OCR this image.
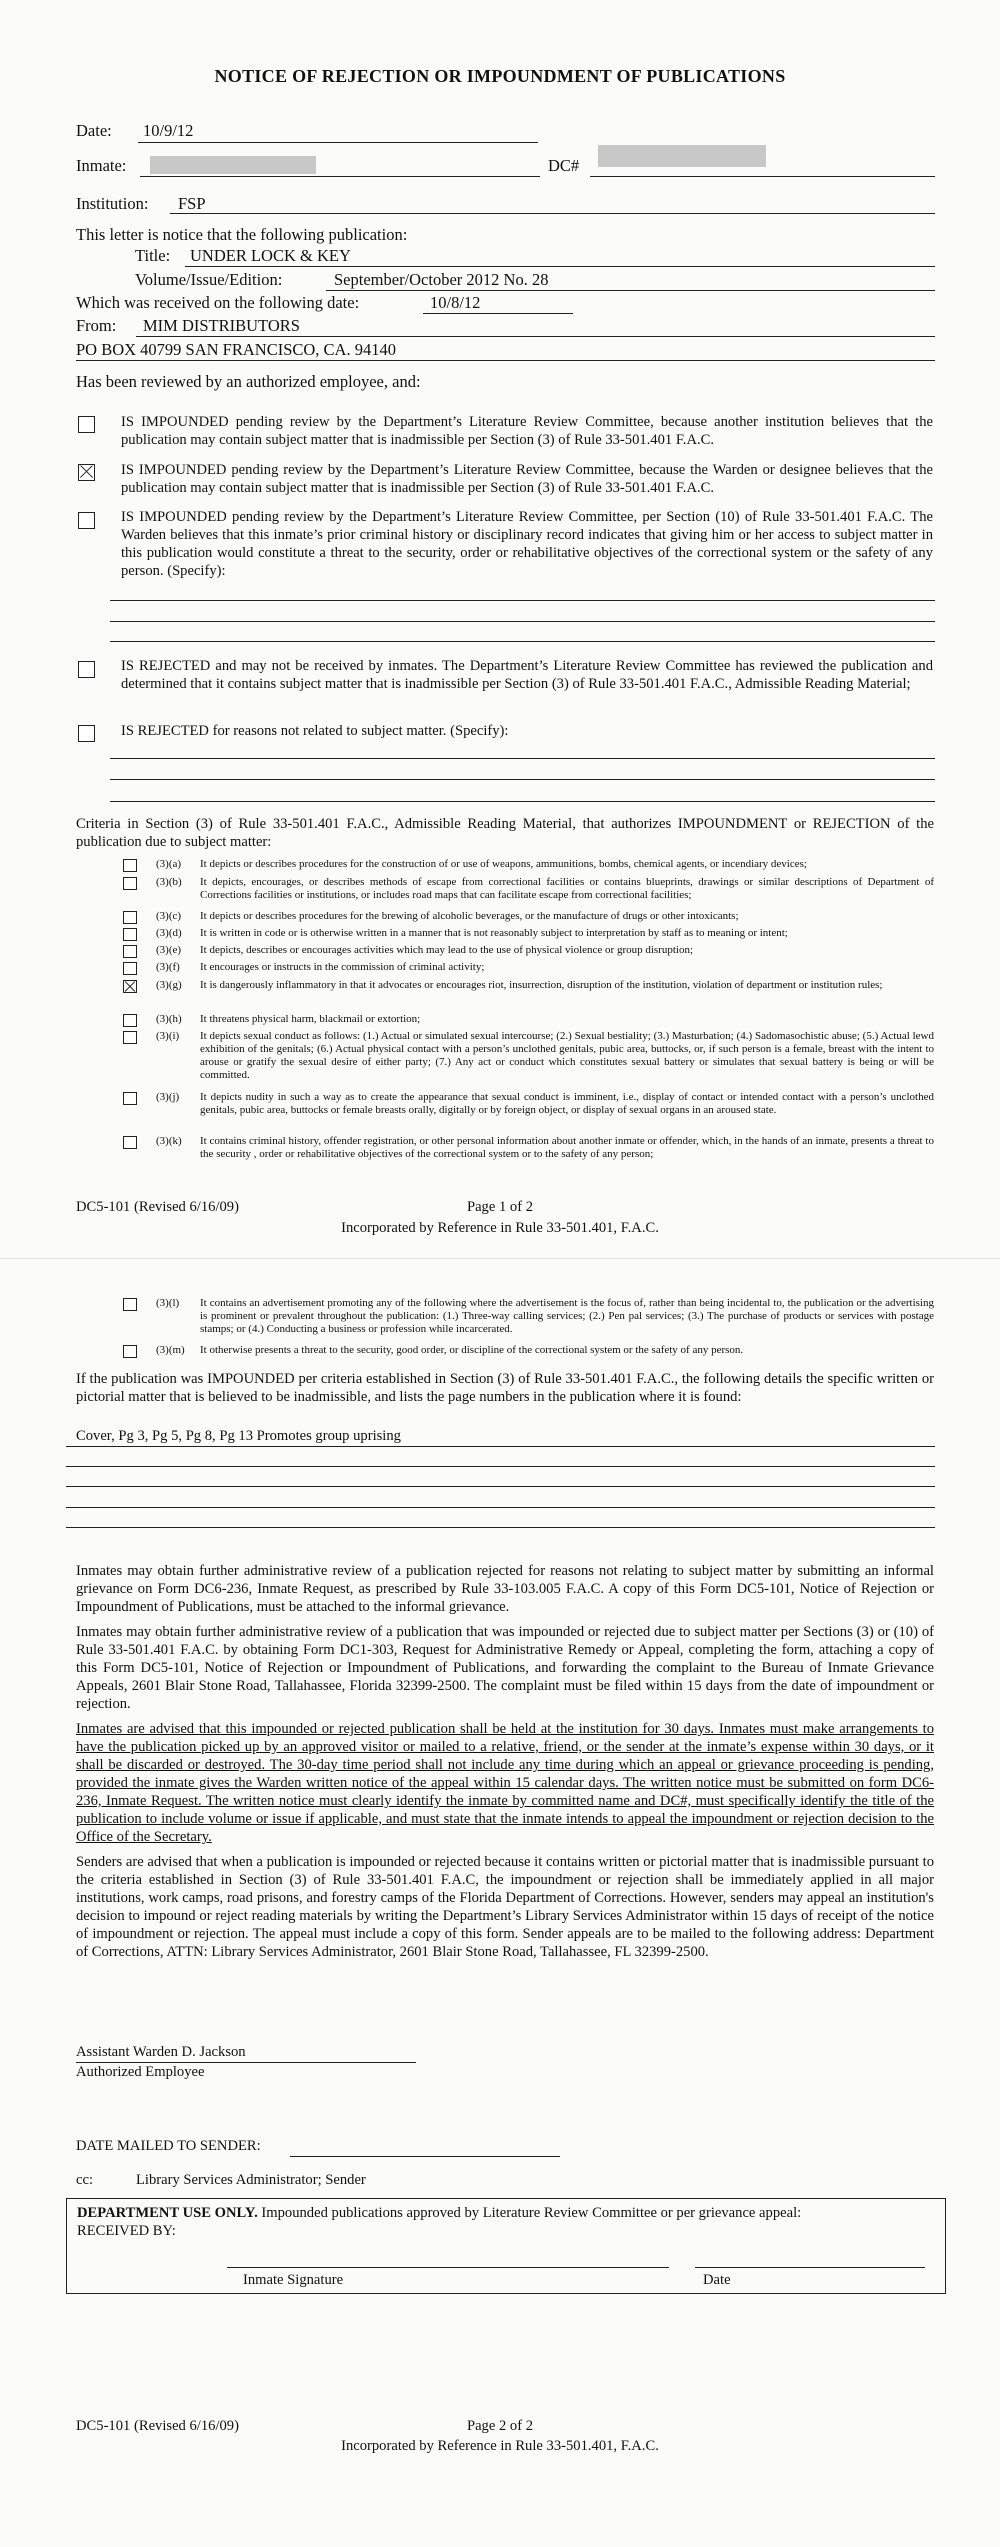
NOTICE OF REJECTION OR IMPOUNDMENT OF PUBLICATIONS
Date: 10/9/12
Inmate:	DC#
Institution: FSP
This letter is notice that the following publication:
Title: UNDER LOCK & KEY
Volume/Issue/Edition:	September/October 2012 No. 28
Which was received on the following date:	10/8/12
From: MIM DISTRIBUTORS
PO BOX 40799 SAN FRANCISCO, CA. 94140
Has been reviewed by an authorized employee, and:
IS IMPOUNDED pending review by the Department’s Literature Review Committee, because another institution believes that the publication may contain subject matter that is inadmissible per Section (3) of Rule 33-501.401 F.A.C.
IS IMPOUNDED pending review by the Department’s Literature Review Committee, because the Warden or designee believes that the publication may contain subject matter that is inadmissible per Section (3) of Rule 33-501.401 F.A.C.
IS IMPOUNDED pending review by the Department’s Literature Review Committee, per Section (10) of Rule 33-501.401 F.A.C. The Warden believes that this inmate’s prior criminal history or disciplinary record indicates that giving him or her access to subject matter in this publication would constitute a threat to the security, order or rehabilitative objectives of the correctional system or the safety of any person. (Specify):
IS REJECTED and may not be received by inmates. The Department’s Literature Review Committee has reviewed the publication and determined that it contains subject matter that is inadmissible per Section (3) of Rule 33-501.401 F.A.C., Admissible Reading Material;
IS REJECTED for reasons not related to subject matter. (Specify):
Criteria in Section (3) of Rule 33-501.401 F.A.C., Admissible Reading Material, that authorizes IMPOUNDMENT or REJECTION of the publication due to subject matter:
(3)(a) It depicts or describes procedures for the construction of or use of weapons, ammunitions, bombs, chemical agents, or incendiary devices;
(3)(b) It depicts, encourages, or describes methods of escape from correctional facilities or contains blueprints, drawings or similar descriptions of Department of Corrections facilities or institutions, or includes road maps that can facilitate escape from correctional facilities;
(3)(c) It depicts or describes procedures for the brewing of alcoholic beverages, or the manufacture of drugs or other intoxicants;
(3)(d) It is written in code or is otherwise written in a manner that is not reasonably subject to interpretation by staff as to meaning or intent;
(3)(e) It depicts, describes or encourages activities which may lead to the use of physical violence or group disruption;
(3)(f) It encourages or instructs in the commission of criminal activity;
(3)(g) It is dangerously inflammatory in that it advocates or encourages riot, insurrection, disruption of the institution, violation of department or institution rules;
(3)(h) It threatens physical harm, blackmail or extortion;
(3)(i) It depicts sexual conduct as follows: (1.) Actual or simulated sexual intercourse; (2.) Sexual bestiality; (3.) Masturbation; (4.) Sadomasochistic abuse; (5.) Actual lewd exhibition of the genitals; (6.) Actual physical contact with a person’s unclothed genitals, pubic area, buttocks, or, if such person is a female, breast with the intent to arouse or gratify the sexual desire of either party; (7.) Any act or conduct which constitutes sexual battery or simulates that sexual battery is being or will be committed.
(3)(j) It depicts nudity in such a way as to create the appearance that sexual conduct is imminent, i.e., display of contact or intended contact with a person’s unclothed genitals, pubic area, buttocks or female breasts orally, digitally or by foreign object, or display of sexual organs in an aroused state.
(3)(k) It contains criminal history, offender registration, or other personal information about another inmate or offender, which, in the hands of an inmate, presents a threat to the security , order or rehabilitative objectives of the correctional system or to the safety of any person;
DC5-101 (Revised 6/16/09)	Page 1 of 2
Incorporated by Reference in Rule 33-501.401, F.A.C.
(3)(l) It contains an advertisement promoting any of the following where the advertisement is the focus of, rather than being incidental to, the publication or the advertising is prominent or prevalent throughout the publication: (1.) Three-way calling services; (2.) Pen pal services; (3.) The purchase of products or services with postage stamps; or (4.) Conducting a business or profession while incarcerated.
(3)(m) It otherwise presents a threat to the security, good order, or discipline of the correctional system or the safety of any person.
If the publication was IMPOUNDED per criteria established in Section (3) of Rule 33-501.401 F.A.C., the following details the specific written or pictorial matter that is believed to be inadmissible, and lists the page numbers in the publication where it is found:
Cover, Pg 3, Pg 5, Pg 8, Pg 13 Promotes group uprising
Inmates may obtain further administrative review of a publication rejected for reasons not relating to subject matter by submitting an informal grievance on Form DC6-236, Inmate Request, as prescribed by Rule 33-103.005 F.A.C. A copy of this Form DC5-101, Notice of Rejection or Impoundment of Publications, must be attached to the informal grievance.
Inmates may obtain further administrative review of a publication that was impounded or rejected due to subject matter per Sections (3) or (10) of Rule 33-501.401 F.A.C. by obtaining Form DC1-303, Request for Administrative Remedy or Appeal, completing the form, attaching a copy of this Form DC5-101, Notice of Rejection or Impoundment of Publications, and forwarding the complaint to the Bureau of Inmate Grievance Appeals, 2601 Blair Stone Road, Tallahassee, Florida 32399-2500. The complaint must be filed within 15 days from the date of impoundment or rejection.
Inmates are advised that this impounded or rejected publication shall be held at the institution for 30 days. Inmates must make arrangements to have the publication picked up by an approved visitor or mailed to a relative, friend, or the sender at the inmate’s expense within 30 days, or it shall be discarded or destroyed. The 30-day time period shall not include any time during which an appeal or grievance proceeding is pending, provided the inmate gives the Warden written notice of the appeal within 15 calendar days. The written notice must be submitted on form DC6-236, Inmate Request. The written notice must clearly identify the inmate by committed name and DC#, must specifically identify the title of the publication to include volume or issue if applicable, and must state that the inmate intends to appeal the impoundment or rejection decision to the Office of the Secretary.
Senders are advised that when a publication is impounded or rejected because it contains written or pictorial matter that is inadmissible pursuant to the criteria established in Section (3) of Rule 33-501.401 F.A.C, the impoundment or rejection shall be immediately applied in all major institutions, work camps, road prisons, and forestry camps of the Florida Department of Corrections. However, senders may appeal an institution's decision to impound or reject reading materials by writing the Department’s Library Services Administrator within 15 days of receipt of the notice of impoundment or rejection. The appeal must include a copy of this form. Sender appeals are to be mailed to the following address: Department of Corrections, ATTN: Library Services Administrator, 2601 Blair Stone Road, Tallahassee, FL 32399-2500.
Assistant Warden D. Jackson
Authorized Employee
DATE MAILED TO SENDER:
cc:	Library Services Administrator; Sender
DEPARTMENT USE ONLY. Impounded publications approved by Literature Review Committee or per grievance appeal:
RECEIVED BY:
Inmate Signature	Date
DC5-101 (Revised 6/16/09)	Page 2 of 2
Incorporated by Reference in Rule 33-501.401, F.A.C.
